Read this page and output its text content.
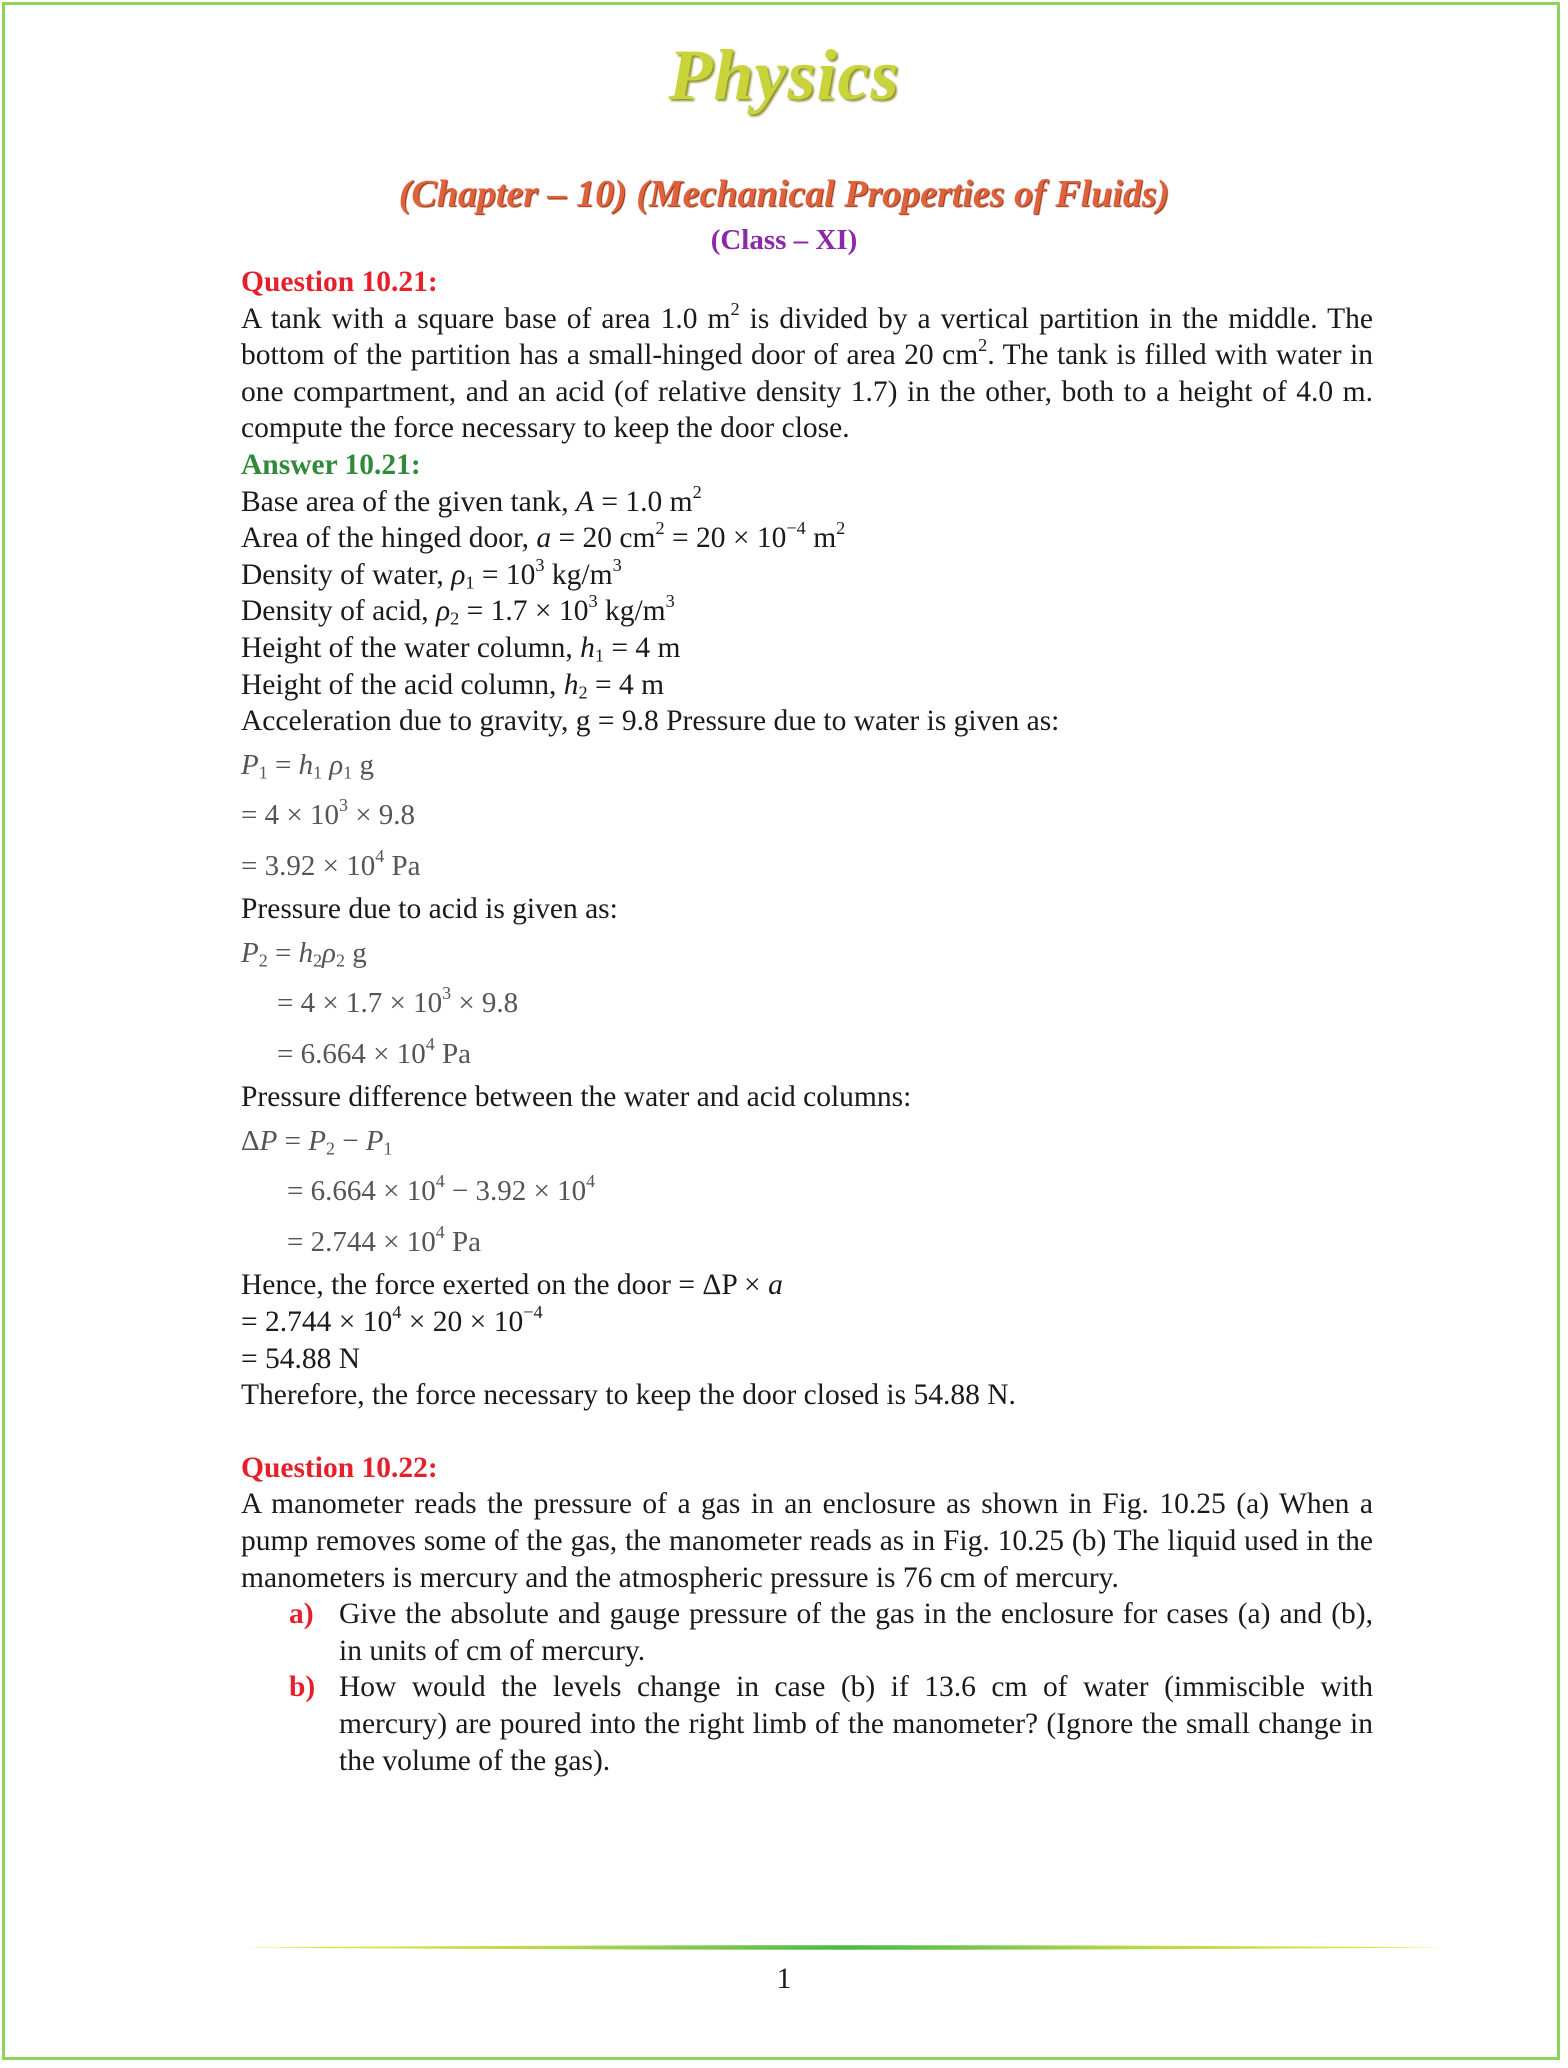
Physics
(Chapter – 10) (Mechanical Properties of Fluids)
(Class – XI)
Question 10.21:
A tank with a square base of area 1.0 $m^2$ is divided by a vertical partition in the middle. The bottom of the partition has a small-hinged door of area 20 $cm^2$. The tank is filled with water in one compartment, and an acid (of relative density 1.7) in the other, both to a height of 4.0 m. compute the force necessary to keep the door close.
Answer 10.21:
Base area of the given tank, A = 1.0 $m^2$
Area of the hinged door, a = 20 $cm^2 = 20 \times 10^{-4}$ $m^2$
Density of water, $\rho_1 = 10^3$ $kg/m^3$
Density of acid, $\rho_2 = 1.7 \times 10^3$ $kg/m^3$
Height of the water column, $h_1 = 4$ m
Height of the acid column, $h_2 = 4$ m
Acceleration due to gravity, g = 9.8 Pressure due to water is given as:
$P_1 = h_1$ $\rho_1$ g
= $4 \times 10^3 \times 9.8$
= $3.92 \times 10^4$ Pa
Pressure due to acid is given as:
$P_2 = h_2\rho_2$ g
= $4 \times 1.7 \times 10^3 \times 9.8$
= $6.664 \times 10^4$ Pa
Pressure difference between the water and acid columns:
$\Delta P = P_2 - P_1$
= $6.664 \times 10^4 - 3.92 \times 10^4$
= $2.744 \times 10^4$ Pa
Hence, the force exerted on the door = ΔP × a
= $2.744 \times 10^4 \times 20 \times 10^{-4}$
= 54.88 N
Therefore, the force necessary to keep the door closed is 54.88 N.
Question 10.22:
A manometer reads the pressure of a gas in an enclosure as shown in Fig. 10.25 (a) When a pump removes some of the gas, the manometer reads as in Fig. 10.25 (b) The liquid used in the manometers is mercury and the atmospheric pressure is 76 cm of mercury.
a) Give the absolute and gauge pressure of the gas in the enclosure for cases (a) and (b), in units of cm of mercury.
b) How would the levels change in case (b) if 13.6 cm of water (immiscible with mercury) are poured into the right limb of the manometer? (Ignore the small change in the volume of the gas).
1
